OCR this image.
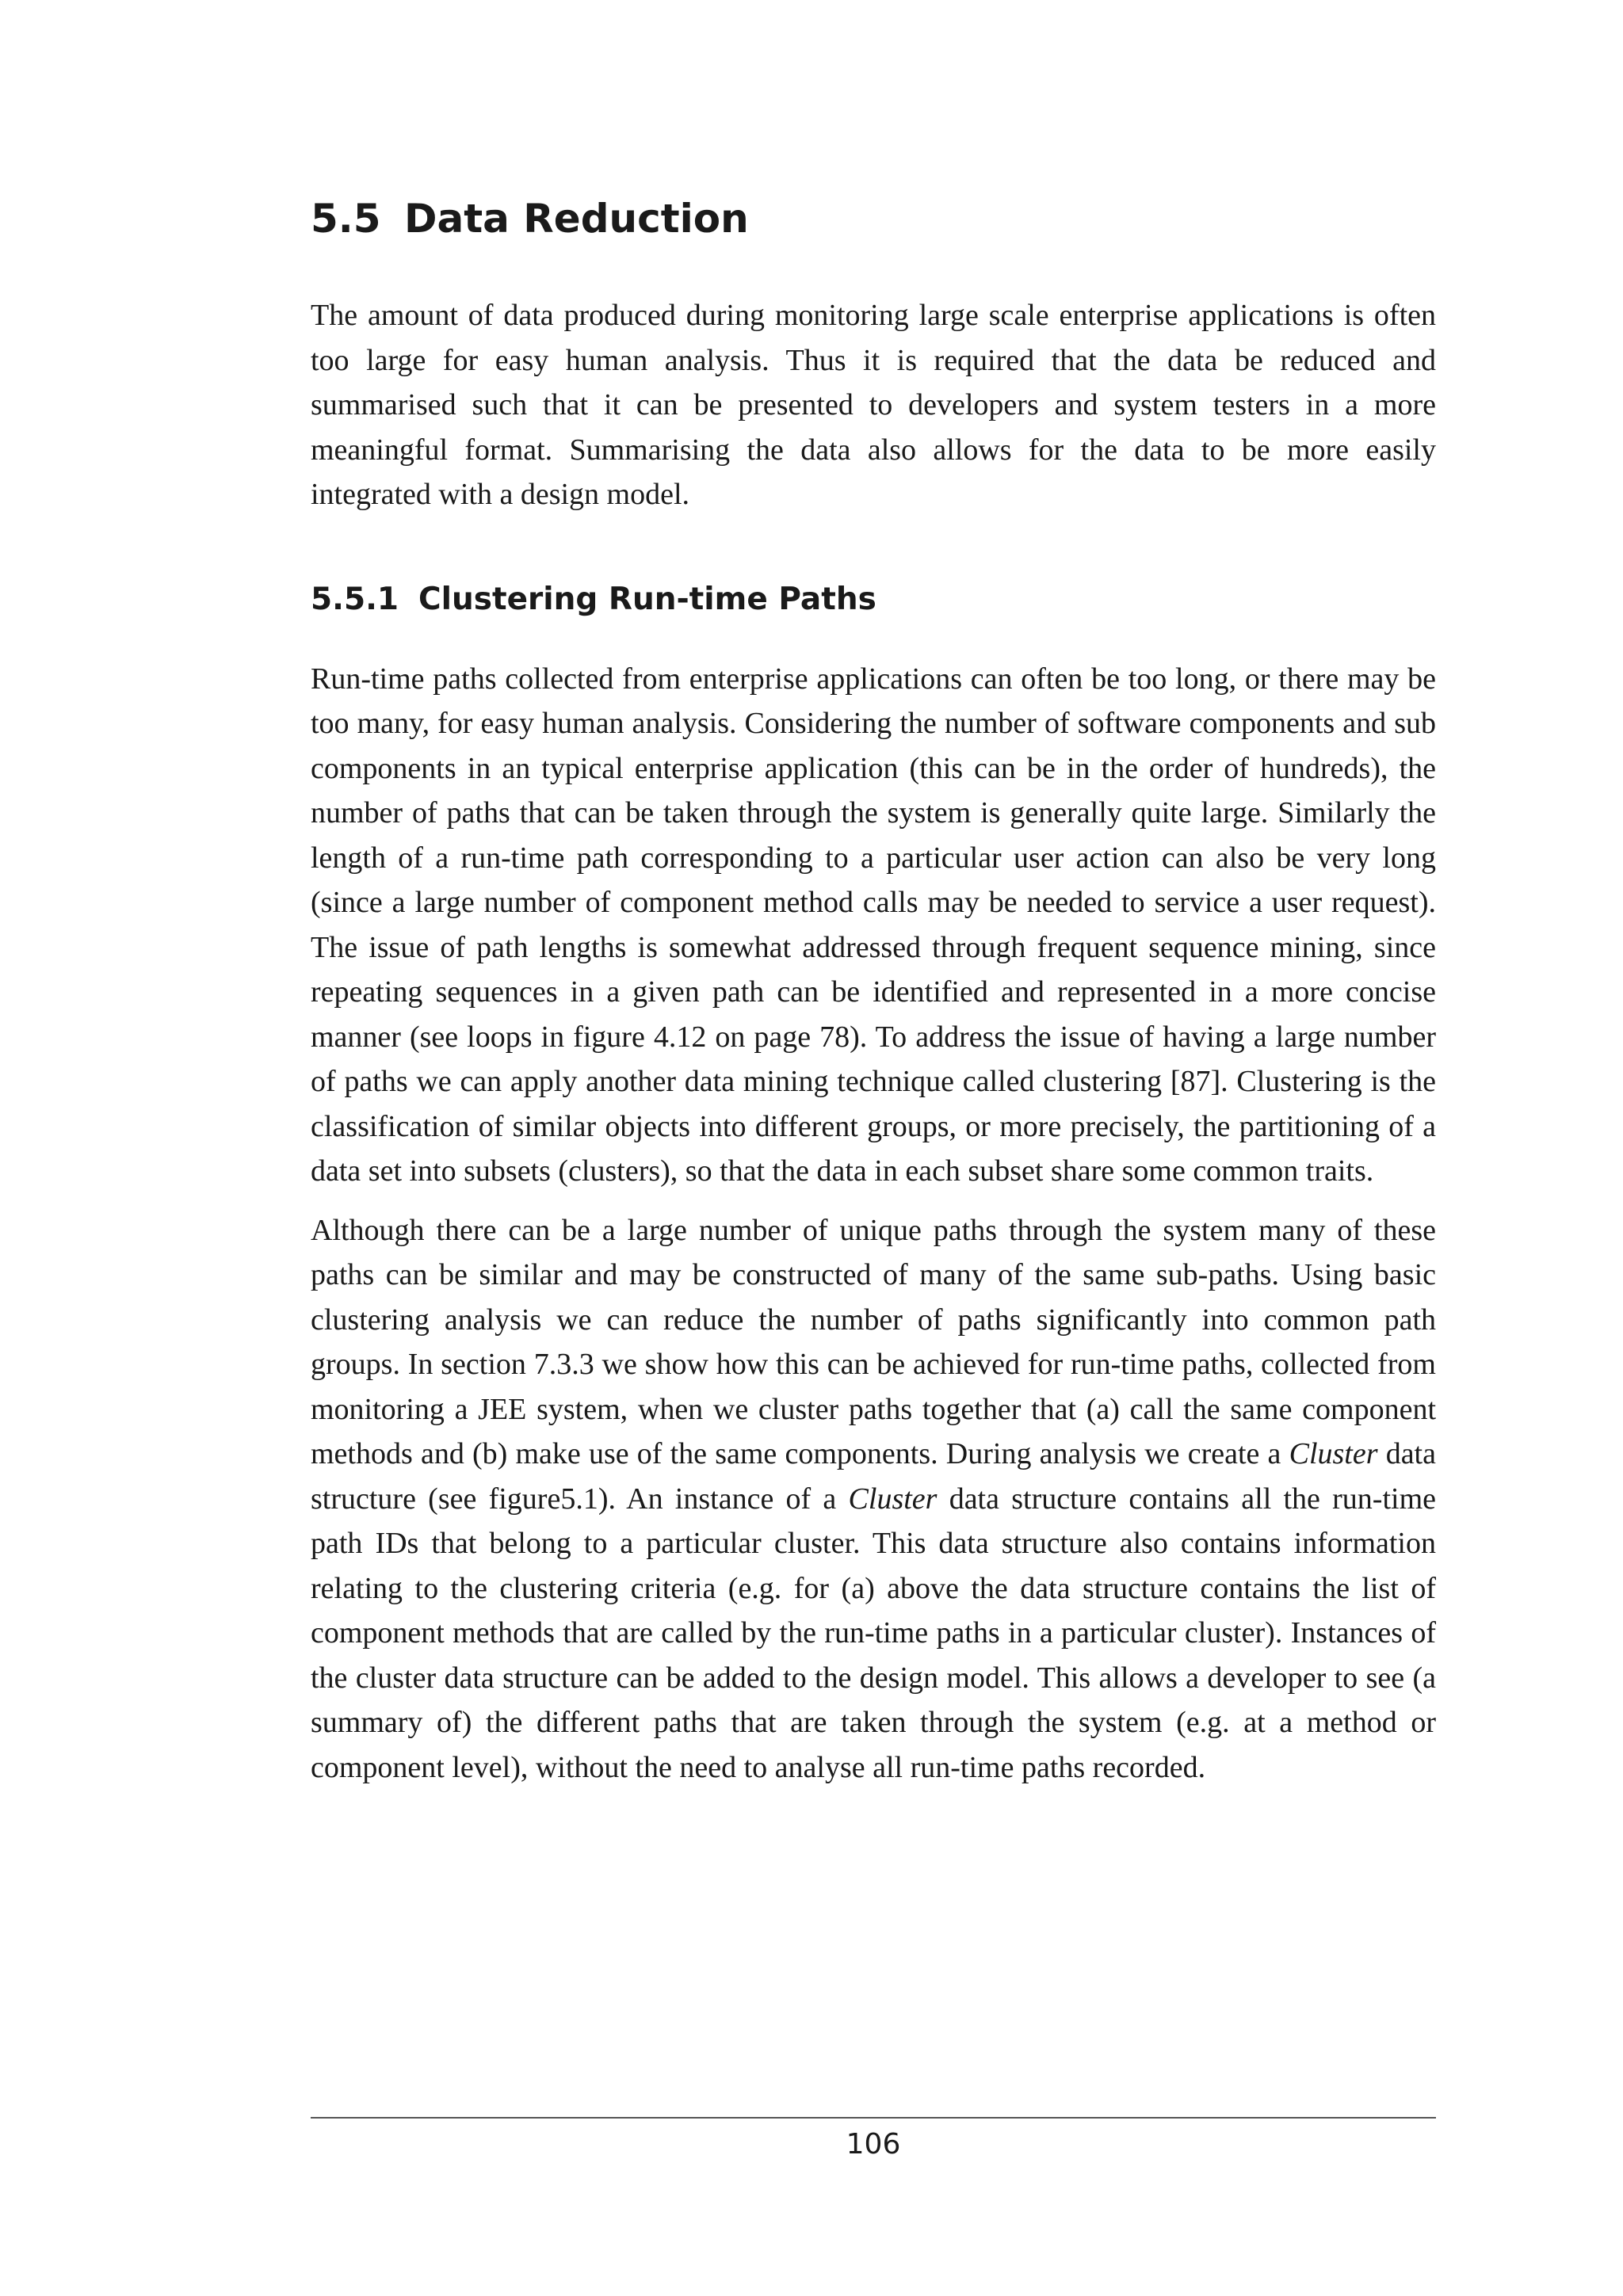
5.5 Data Reduction

The amount of data produced during monitoring large scale enterprise applications is often too large for easy human analysis. Thus it is required that the data be reduced and summarised such that it can be presented to developers and system testers in a more meaningful format. Summarising the data also allows for the data to be more easily integrated with a design model.

5.5.1 Clustering Run-time Paths

Run-time paths collected from enterprise applications can often be too long, or there may be too many, for easy human analysis. Considering the number of software components and sub components in an typical enterprise application (this can be in the order of hundreds), the number of paths that can be taken through the system is generally quite large. Similarly the length of a run-time path corresponding to a particular user action can also be very long (since a large number of component method calls may be needed to service a user request). The issue of path lengths is somewhat addressed through frequent sequence mining, since repeating sequences in a given path can be identified and represented in a more concise manner (see loops in figure 4.12 on page 78). To address the issue of having a large number of paths we can apply another data mining technique called clustering [87]. Clustering is the classification of similar objects into different groups, or more precisely, the partitioning of a data set into subsets (clusters), so that the data in each subset share some common traits.

Although there can be a large number of unique paths through the system many of these paths can be similar and may be constructed of many of the same sub-paths. Using basic clustering analysis we can reduce the number of paths significantly into common path groups. In section 7.3.3 we show how this can be achieved for run-time paths, collected from monitoring a JEE system, when we cluster paths together that (a) call the same component methods and (b) make use of the same components. During analysis we create a Cluster data structure (see figure5.1). An instance of a Cluster data structure contains all the run-time path IDs that belong to a particular cluster. This data structure also contains information relating to the clustering criteria (e.g. for (a) above the data structure contains the list of component methods that are called by the run-time paths in a particular cluster). Instances of the cluster data structure can be added to the design model. This allows a developer to see (a summary of) the different paths that are taken through the system (e.g. at a method or component level), without the need to analyse all run-time paths recorded.

106
